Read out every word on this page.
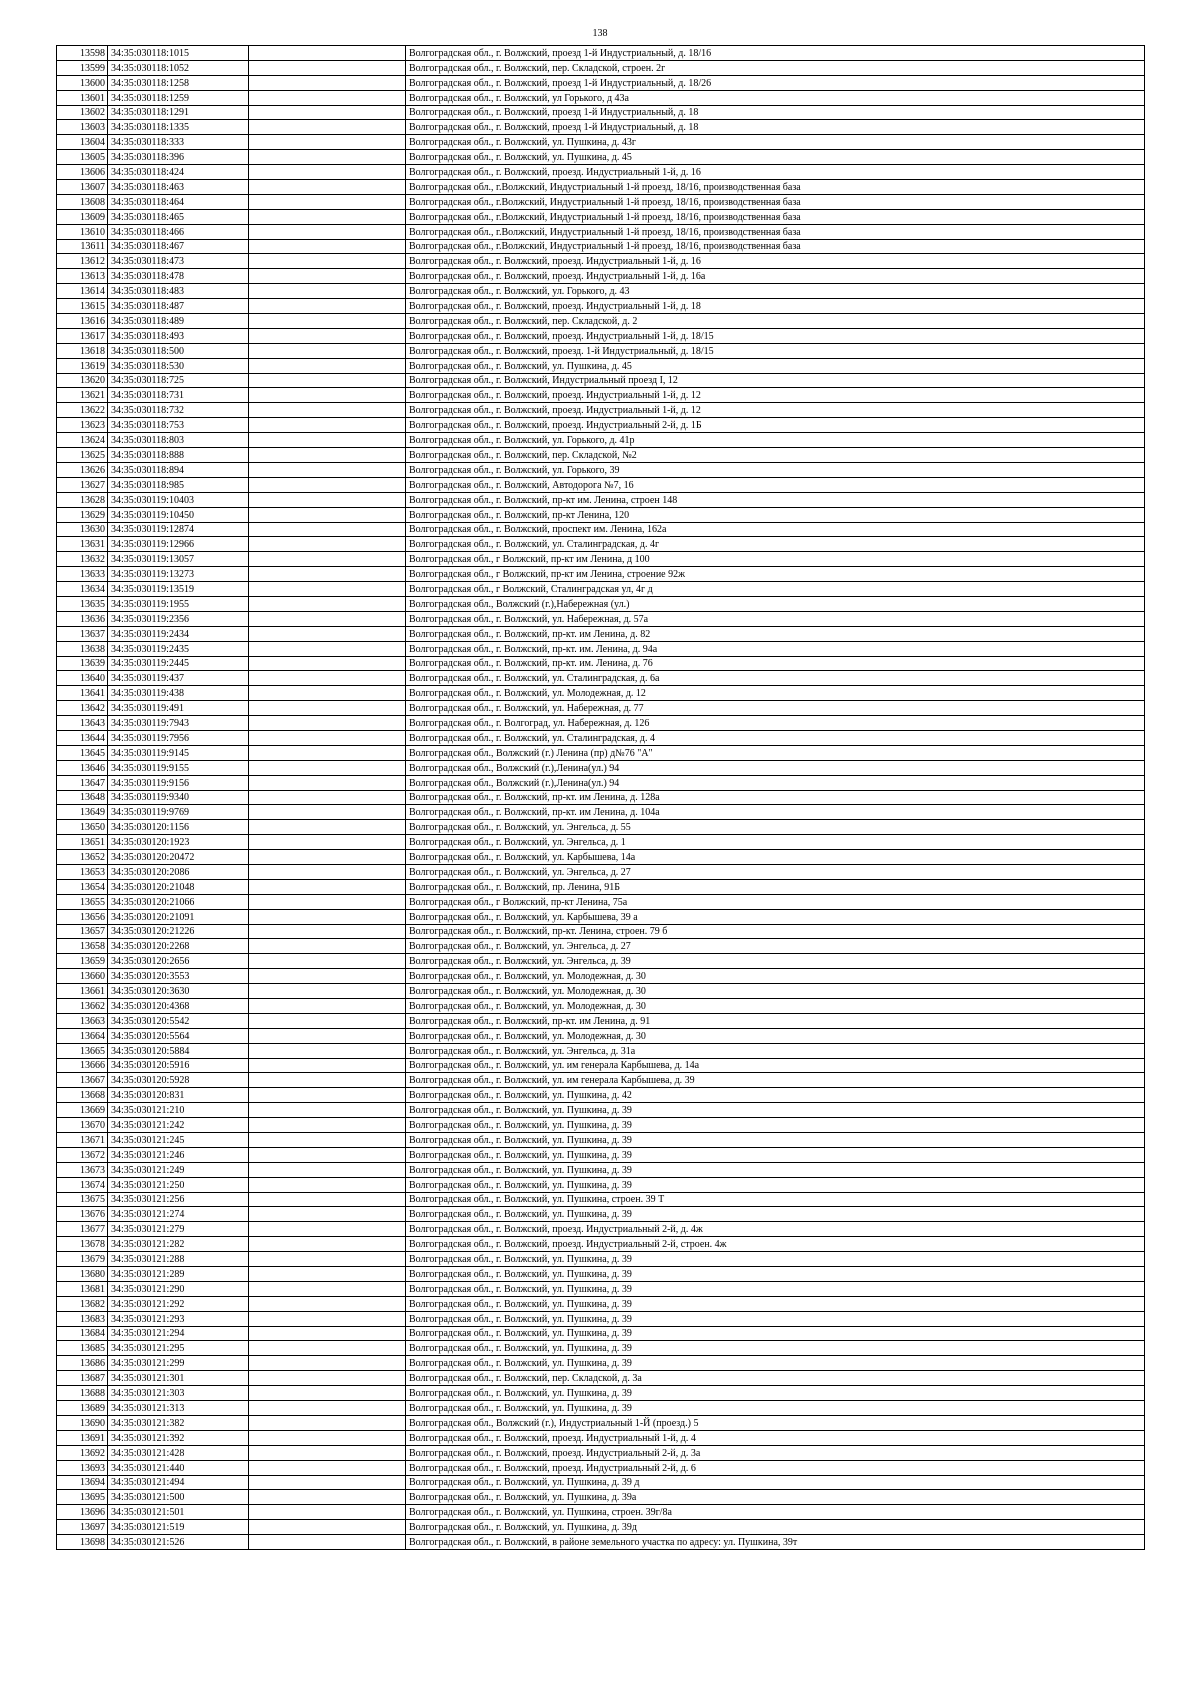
138
13598	34:35:030118:1015		Волгоградская обл., г. Волжский, проезд 1-й Индустриальный, д. 18/16
13599	34:35:030118:1052		Волгоградская обл., г. Волжский, пер. Складской, строен. 2г
13600	34:35:030118:1258		Волгоградская обл., г. Волжский, проезд 1-й Индустриальный, д. 18/26
13601	34:35:030118:1259		Волгоградская обл., г. Волжский, ул Горького, д 43а
13602	34:35:030118:1291		Волгоградская обл., г. Волжский, проезд 1-й Индустриальный, д. 18
13603	34:35:030118:1335		Волгоградская обл., г. Волжский, проезд 1-й Индустриальный, д. 18
13604	34:35:030118:333		Волгоградская обл., г. Волжский, ул. Пушкина, д. 43г
13605	34:35:030118:396		Волгоградская обл., г. Волжский, ул. Пушкина, д. 45
13606	34:35:030118:424		Волгоградская обл., г. Волжский, проезд. Индустриальный 1-й, д. 16
13607	34:35:030118:463		Волгоградская обл., г.Волжский, Индустриальный 1-й проезд, 18/16, производственная база
13608	34:35:030118:464		Волгоградская обл., г.Волжский, Индустриальный 1-й проезд, 18/16, производственная база
13609	34:35:030118:465		Волгоградская обл., г.Волжский, Индустриальный 1-й проезд, 18/16, производственная база
13610	34:35:030118:466		Волгоградская обл., г.Волжский, Индустриальный 1-й проезд, 18/16, производственная база
13611	34:35:030118:467		Волгоградская обл., г.Волжский, Индустриальный 1-й проезд, 18/16, производственная база
13612	34:35:030118:473		Волгоградская обл., г. Волжский, проезд. Индустриальный 1-й, д. 16
13613	34:35:030118:478		Волгоградская обл., г. Волжский, проезд. Индустриальный 1-й, д. 16а
13614	34:35:030118:483		Волгоградская обл., г. Волжский, ул. Горького, д. 43
13615	34:35:030118:487		Волгоградская обл., г. Волжский, проезд. Индустриальный 1-й, д. 18
13616	34:35:030118:489		Волгоградская обл., г. Волжский, пер. Складской, д. 2
13617	34:35:030118:493		Волгоградская обл., г. Волжский, проезд. Индустриальный 1-й, д. 18/15
13618	34:35:030118:500		Волгоградская обл., г. Волжский, проезд. 1-й Индустриальный, д. 18/15
13619	34:35:030118:530		Волгоградская обл., г. Волжский, ул. Пушкина, д. 45
13620	34:35:030118:725		Волгоградская обл., г. Волжский, Индустриальный проезд I, 12
13621	34:35:030118:731		Волгоградская обл., г. Волжский, проезд. Индустриальный 1-й, д. 12
13622	34:35:030118:732		Волгоградская обл., г. Волжский, проезд. Индустриальный 1-й, д. 12
13623	34:35:030118:753		Волгоградская обл., г. Волжский, проезд. Индустриальный 2-й, д. 1Б
13624	34:35:030118:803		Волгоградская обл., г. Волжский, ул. Горького, д. 41р
13625	34:35:030118:888		Волгоградская обл., г. Волжский, пер. Складской, №2
13626	34:35:030118:894		Волгоградская обл., г. Волжский, ул. Горького, 39
13627	34:35:030118:985		Волгоградская обл., г. Волжский, Автодорога №7, 16
13628	34:35:030119:10403		Волгоградская обл., г. Волжский, пр-кт им. Ленина, строен 148
13629	34:35:030119:10450		Волгоградская обл., г. Волжский, пр-кт Ленина, 120
13630	34:35:030119:12874		Волгоградская обл., г. Волжский, проспект им. Ленина, 162а
13631	34:35:030119:12966		Волгоградская обл., г. Волжский, ул. Сталинградская, д. 4г
13632	34:35:030119:13057		Волгоградская обл., г Волжский, пр-кт им Ленина, д 100
13633	34:35:030119:13273		Волгоградская обл., г Волжский, пр-кт им Ленина, строение 92ж
13634	34:35:030119:13519		Волгоградская обл., г Волжский, Сталинградская ул, 4г д
13635	34:35:030119:1955		Волгоградская обл., Волжский (г.),Набережная (ул.)
13636	34:35:030119:2356		Волгоградская обл., г. Волжский, ул. Набережная, д. 57а
13637	34:35:030119:2434		Волгоградская обл., г. Волжский, пр-кт. им Ленина, д. 82
13638	34:35:030119:2435		Волгоградская обл., г. Волжский, пр-кт. им. Ленина, д. 94а
13639	34:35:030119:2445		Волгоградская обл., г. Волжский, пр-кт. им. Ленина, д. 76
13640	34:35:030119:437		Волгоградская обл., г. Волжский, ул. Сталинградская, д. 6а
13641	34:35:030119:438		Волгоградская обл., г. Волжский, ул. Молодежная, д. 12
13642	34:35:030119:491		Волгоградская обл., г. Волжский, ул. Набережная, д. 77
13643	34:35:030119:7943		Волгоградская обл., г. Волгоград, ул. Набережная, д. 126
13644	34:35:030119:7956		Волгоградская обл., г. Волжский, ул. Сталинградская, д. 4
13645	34:35:030119:9145		Волгоградская обл., Волжский (г.) Ленина (пр) д№76 "А"
13646	34:35:030119:9155		Волгоградская обл., Волжский (г.),Ленина(ул.) 94
13647	34:35:030119:9156		Волгоградская обл., Волжский (г.),Ленина(ул.) 94
13648	34:35:030119:9340		Волгоградская обл., г. Волжский, пр-кт. им Ленина, д. 128а
13649	34:35:030119:9769		Волгоградская обл., г. Волжский, пр-кт. им Ленина, д. 104а
13650	34:35:030120:1156		Волгоградская обл., г. Волжский, ул. Энгельса, д. 55
13651	34:35:030120:1923		Волгоградская обл., г. Волжский, ул. Энгельса, д. 1
13652	34:35:030120:20472		Волгоградская обл., г. Волжский, ул. Карбышева, 14а
13653	34:35:030120:2086		Волгоградская обл., г. Волжский, ул. Энгельса, д. 27
13654	34:35:030120:21048		Волгоградская обл., г. Волжский, пр. Ленина, 91Б
13655	34:35:030120:21066		Волгоградская обл., г Волжский, пр-кт Ленина, 75а
13656	34:35:030120:21091		Волгоградская обл., г. Волжский, ул. Карбышева, 39 а
13657	34:35:030120:21226		Волгоградская обл., г. Волжский, пр-кт. Ленина, строен. 79 б
13658	34:35:030120:2268		Волгоградская обл., г. Волжский, ул. Энгельса, д. 27
13659	34:35:030120:2656		Волгоградская обл., г. Волжский, ул. Энгельса, д. 39
13660	34:35:030120:3553		Волгоградская обл., г. Волжский, ул. Молодежная, д. 30
13661	34:35:030120:3630		Волгоградская обл., г. Волжский, ул. Молодежная, д. 30
13662	34:35:030120:4368		Волгоградская обл., г. Волжский, ул. Молодежная, д. 30
13663	34:35:030120:5542		Волгоградская обл., г. Волжский, пр-кт. им Ленина, д. 91
13664	34:35:030120:5564		Волгоградская обл., г. Волжский, ул. Молодежная, д. 30
13665	34:35:030120:5884		Волгоградская обл., г. Волжский, ул. Энгельса, д. 31а
13666	34:35:030120:5916		Волгоградская обл., г. Волжский, ул. им генерала Карбышева, д. 14а
13667	34:35:030120:5928		Волгоградская обл., г. Волжский, ул. им генерала Карбышева, д. 39
13668	34:35:030120:831		Волгоградская обл., г. Волжский, ул. Пушкина, д. 42
13669	34:35:030121:210		Волгоградская обл., г. Волжский, ул. Пушкина, д. 39
13670	34:35:030121:242		Волгоградская обл., г. Волжский, ул. Пушкина, д. 39
13671	34:35:030121:245		Волгоградская обл., г. Волжский, ул. Пушкина, д. 39
13672	34:35:030121:246		Волгоградская обл., г. Волжский, ул. Пушкина, д. 39
13673	34:35:030121:249		Волгоградская обл., г. Волжский, ул. Пушкина, д. 39
13674	34:35:030121:250		Волгоградская обл., г. Волжский, ул. Пушкина, д. 39
13675	34:35:030121:256		Волгоградская обл., г. Волжский, ул. Пушкина, строен. 39 Т
13676	34:35:030121:274		Волгоградская обл., г. Волжский, ул. Пушкина, д. 39
13677	34:35:030121:279		Волгоградская обл., г. Волжский, проезд. Индустриальный 2-й, д. 4ж
13678	34:35:030121:282		Волгоградская обл., г. Волжский, проезд. Индустриальный 2-й, строен. 4ж
13679	34:35:030121:288		Волгоградская обл., г. Волжский, ул. Пушкина, д. 39
13680	34:35:030121:289		Волгоградская обл., г. Волжский, ул. Пушкина, д. 39
13681	34:35:030121:290		Волгоградская обл., г. Волжский, ул. Пушкина, д. 39
13682	34:35:030121:292		Волгоградская обл., г. Волжский, ул. Пушкина, д. 39
13683	34:35:030121:293		Волгоградская обл., г. Волжский, ул. Пушкина, д. 39
13684	34:35:030121:294		Волгоградская обл., г. Волжский, ул. Пушкина, д. 39
13685	34:35:030121:295		Волгоградская обл., г. Волжский, ул. Пушкина, д. 39
13686	34:35:030121:299		Волгоградская обл., г. Волжский, ул. Пушкина, д. 39
13687	34:35:030121:301		Волгоградская обл., г. Волжский, пер. Складской, д. 3а
13688	34:35:030121:303		Волгоградская обл., г. Волжский, ул. Пушкина, д. 39
13689	34:35:030121:313		Волгоградская обл., г. Волжский, ул. Пушкина, д. 39
13690	34:35:030121:382		Волгоградская обл., Волжский (г.), Индустриальный 1-Й (проезд.) 5
13691	34:35:030121:392		Волгоградская обл., г. Волжский, проезд. Индустриальный 1-й, д. 4
13692	34:35:030121:428		Волгоградская обл., г. Волжский, проезд. Индустриальный 2-й, д. 3а
13693	34:35:030121:440		Волгоградская обл., г. Волжский, проезд. Индустриальный 2-й, д. 6
13694	34:35:030121:494		Волгоградская обл., г. Волжский, ул. Пушкина, д. 39 д
13695	34:35:030121:500		Волгоградская обл., г. Волжский, ул. Пушкина, д. 39а
13696	34:35:030121:501		Волгоградская обл., г. Волжский, ул. Пушкина, строен. 39г/8а
13697	34:35:030121:519		Волгоградская обл., г. Волжский, ул. Пушкина, д. 39д
13698	34:35:030121:526		Волгоградская обл., г. Волжский, в районе земельного участка по адресу: ул. Пушкина, 39т
